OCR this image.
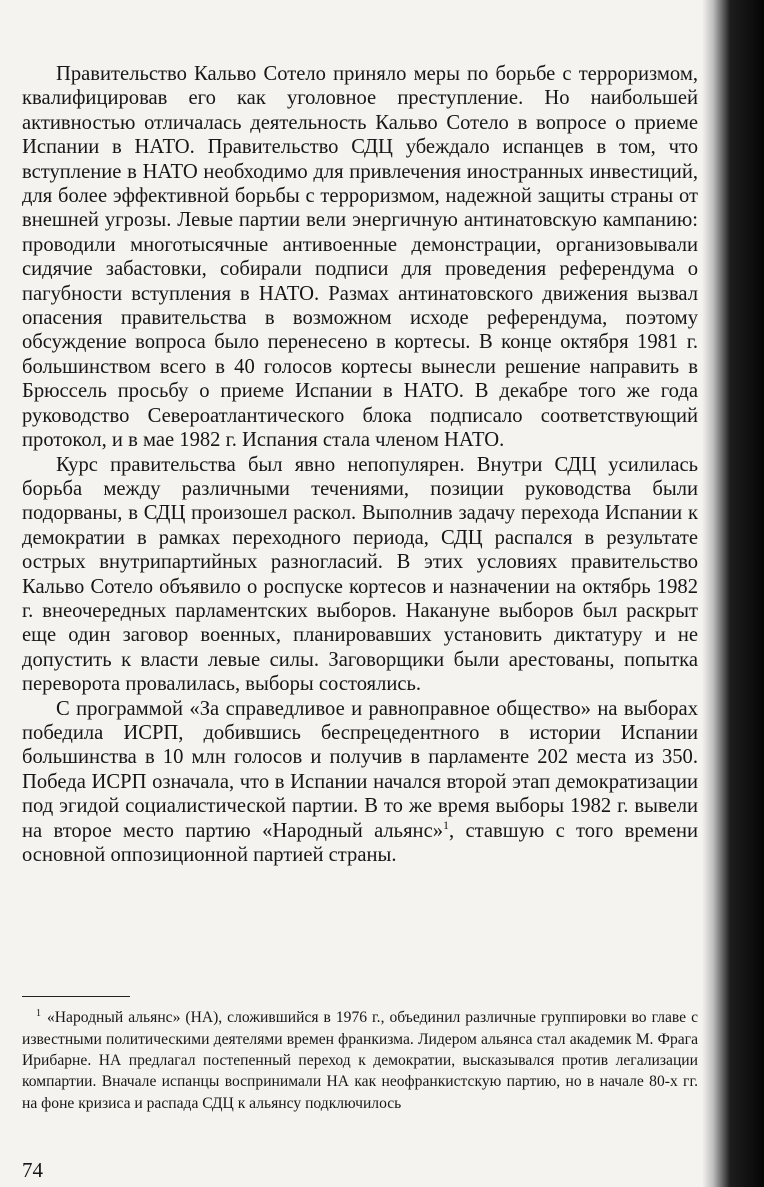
Правительство Кальво Сотело приняло меры по борьбе с терроризмом, квалифицировав его как уголовное преступление. Но наибольшей активностью отличалась деятельность Кальво Сотело в вопросе о приеме Испании в НАТО. Правительство СДЦ убеждало испанцев в том, что вступление в НАТО необходимо для привлечения иностранных инвестиций, для более эффективной борьбы с терроризмом, надежной защиты страны от внешней угрозы. Левые партии вели энергичную антинатовскую кампанию: проводили многотысячные антивоенные демонстрации, организовывали сидячие забастовки, собирали подписи для проведения референдума о пагубности вступления в НАТО. Размах антинатовского движения вызвал опасения правительства в возможном исходе референдума, поэтому обсуждение вопроса было перенесено в кортесы. В конце октября 1981 г. большинством всего в 40 голосов кортесы вынесли решение направить в Брюссель просьбу о приеме Испании в НАТО. В декабре того же года руководство Североатлантического блока подписало соответствующий протокол, и в мае 1982 г. Испания стала членом НАТО.

Курс правительства был явно непопулярен. Внутри СДЦ усилилась борьба между различными течениями, позиции руководства были подорваны, в СДЦ произошел раскол. Выполнив задачу перехода Испании к демократии в рамках переходного периода, СДЦ распался в результате острых внутрипартийных разногласий. В этих условиях правительство Кальво Сотело объявило о роспуске кортесов и назначении на октябрь 1982 г. внеочередных парламентских выборов. Накануне выборов был раскрыт еще один заговор военных, планировавших установить диктатуру и не допустить к власти левые силы. Заговорщики были арестованы, попытка переворота провалилась, выборы состоялись.

С программой «За справедливое и равноправное общество» на выборах победила ИСРП, добившись беспрецедентного в истории Испании большинства в 10 млн голосов и получив в парламенте 202 места из 350. Победа ИСРП означала, что в Испании начался второй этап демократизации под эгидой социалистической партии. В то же время выборы 1982 г. вывели на второе место партию «Народный альянс»$^1$, ставшую с того времени основной оппозиционной партией страны.

$^1$ «Народный альянс» (НА), сложившийся в 1976 г., объединил различные группировки во главе с известными политическими деятелями времен франкизма. Лидером альянса стал академик М. Фрага Ирибарне. НА предлагал постепенный переход к демократии, высказывался против легализации компартии. Вначале испанцы воспринимали НА как неофранкистскую партию, но в начале 80-х гг. на фоне кризиса и распада СДЦ к альянсу подключилось

74
